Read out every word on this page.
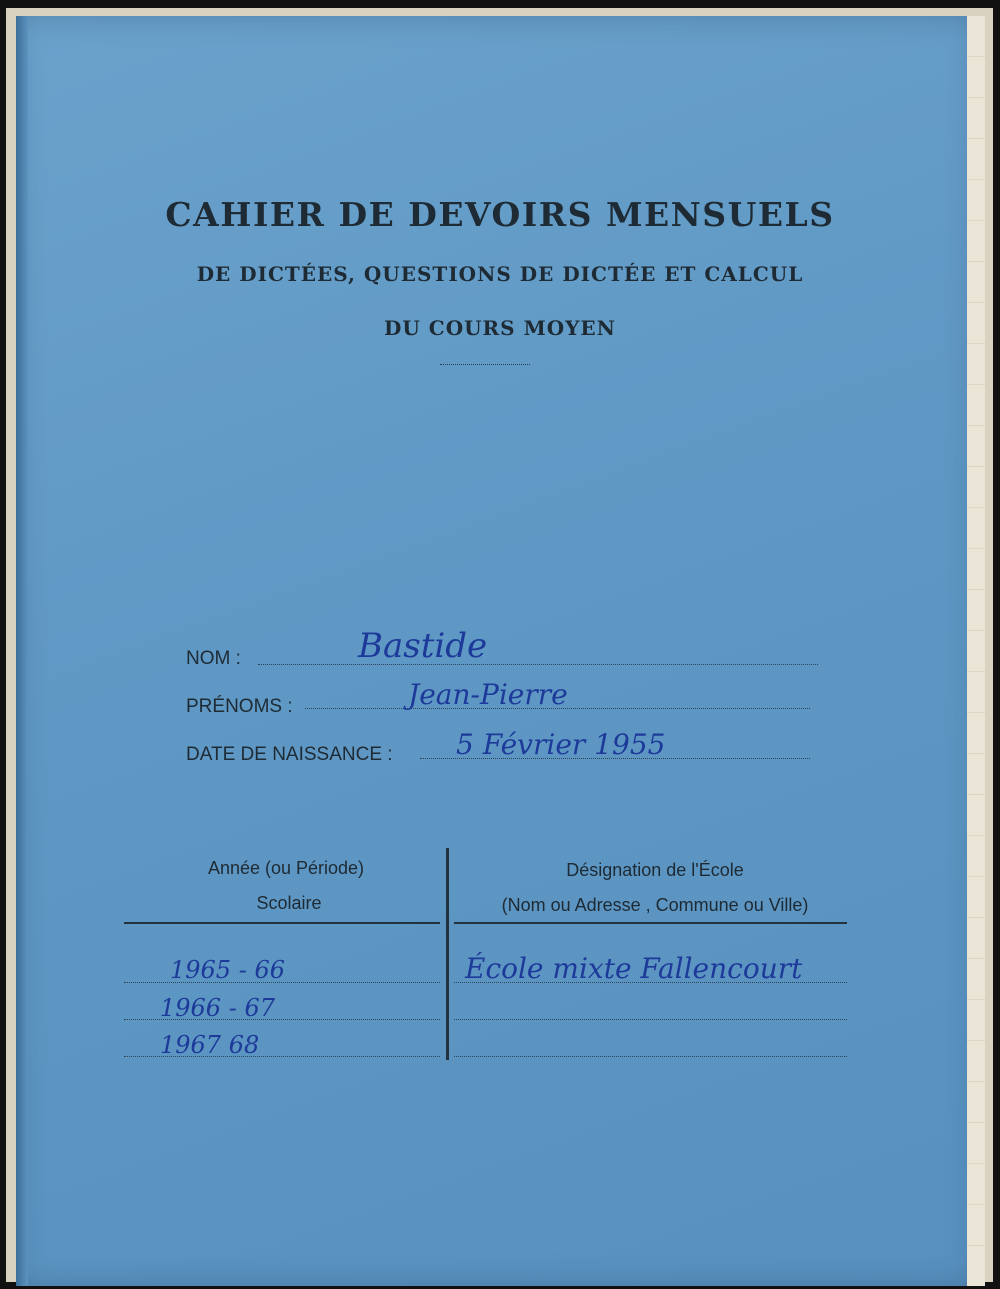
CAHIER DE DEVOIRS MENSUELS
DE DICTÉES, QUESTIONS DE DICTÉE ET CALCUL
DU COURS MOYEN
NOM :	Bastide
PRÉNOMS :	Jean-Pierre
DATE DE NAISSANCE : 5 Février 1955
Année (ou Période)
Scolaire
Désignation de l'École
(Nom ou Adresse , Commune ou Ville)
1965 - 66	École mixte Fallencourt
1966 - 67
1967 68
